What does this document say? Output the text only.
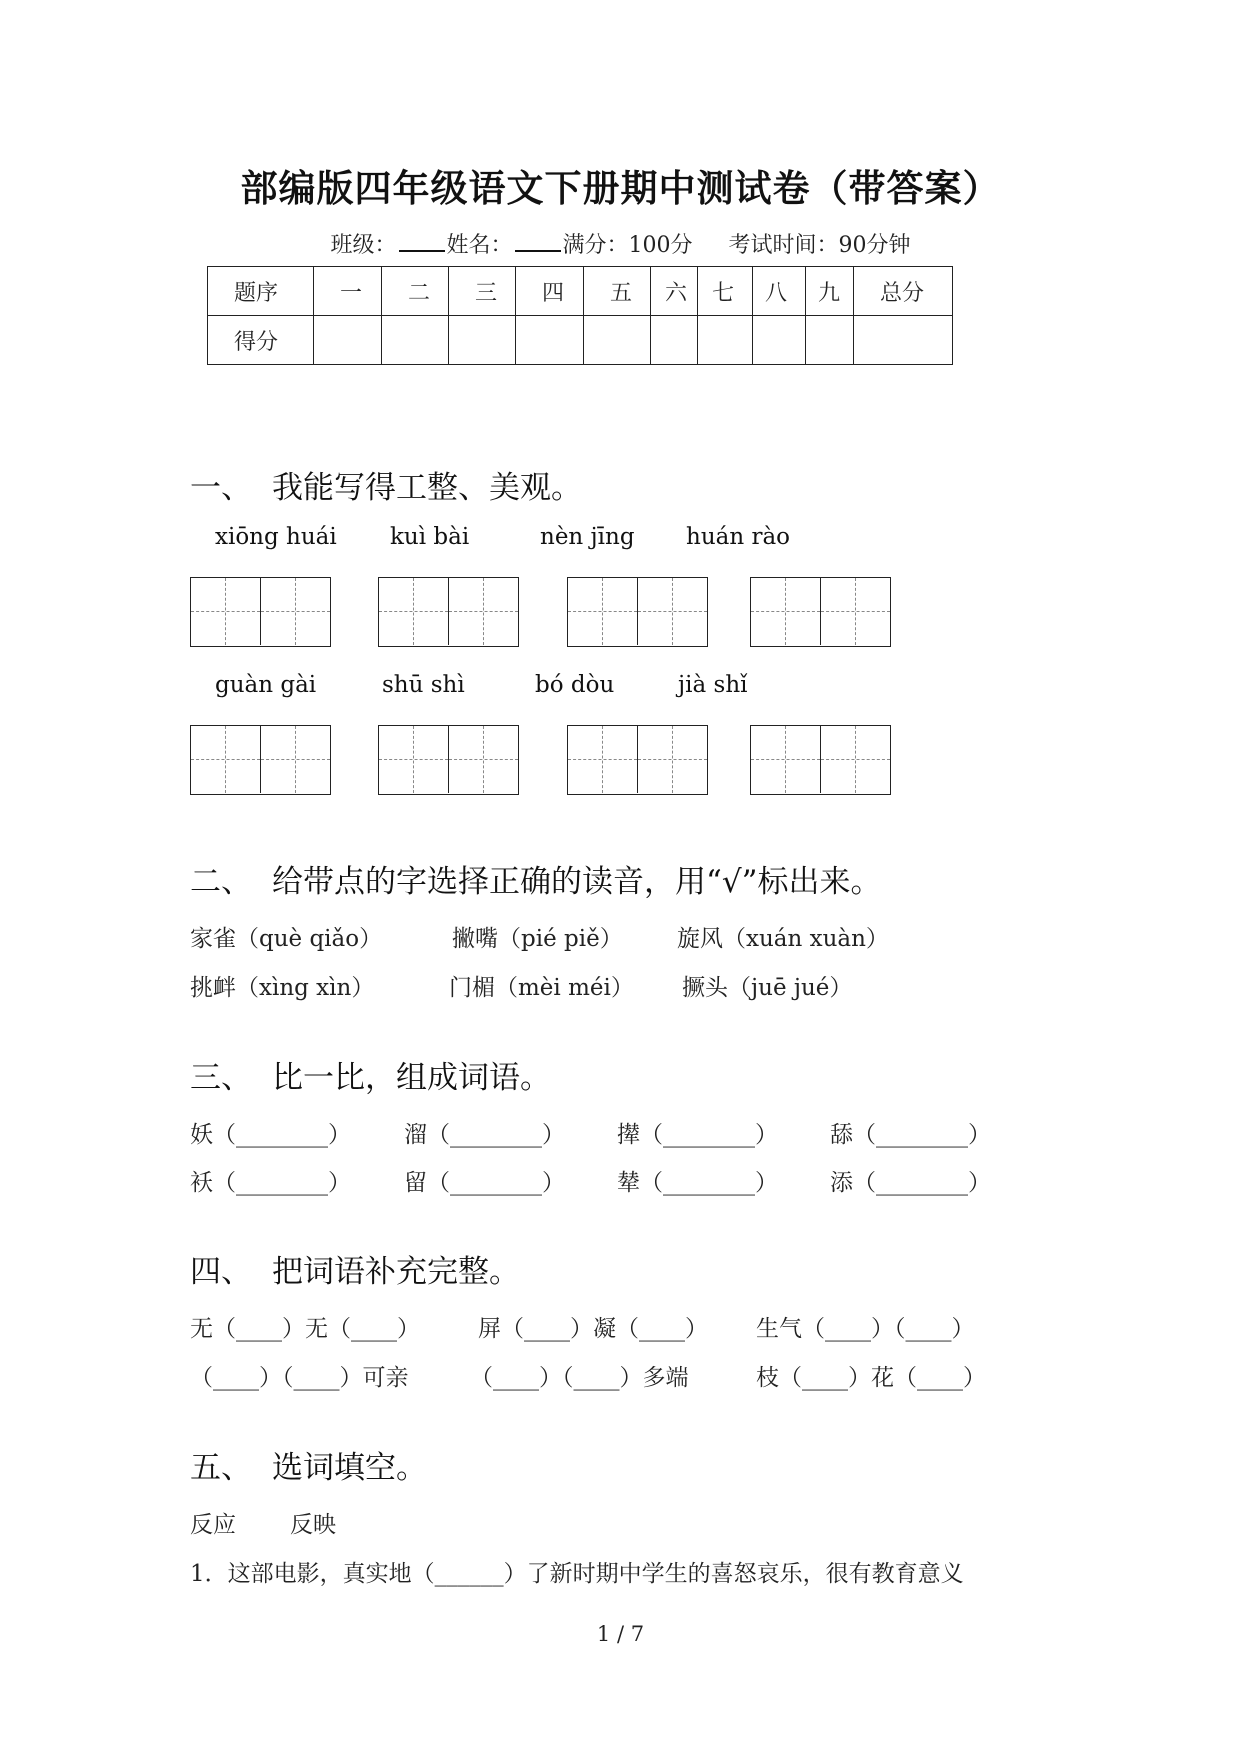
部编版四年级语文下册期中测试卷（带答案）
班级： 姓名： 满分：100分 考试时间：90分钟
题序	一	二	三	四	五	六	七	八	九	总分
得分										
一、 我能写得工整、美观。
xiōng huái kuì bài	nèn jīng huán rào
guàn gài	shū shì	bó dòu	jià shǐ
二、 给带点的字选择正确的读音，用“√”标出来。
家雀（què qiǎo）	撇嘴（pié piě） 旋风（xuán xuàn）
挑衅（xìng xìn）	门楣（mèi méi） 撅头（juē jué）
三、 比一比，组成词语。
妖（________） 溜（________） 撵（________） 舔（________）
袄（________） 留（________） 辇（________） 添（________）
四、 把词语补充完整。
无（____）无（____）	屏（____）凝（____） 生气（____）（____）
（____）（____）可亲	（____）（____）多端	枝（____）花（____）
五、 选词填空。
反应 反映
1．这部电影，真实地（______）了新时期中学生的喜怒哀乐，很有教育意义
1 / 7
